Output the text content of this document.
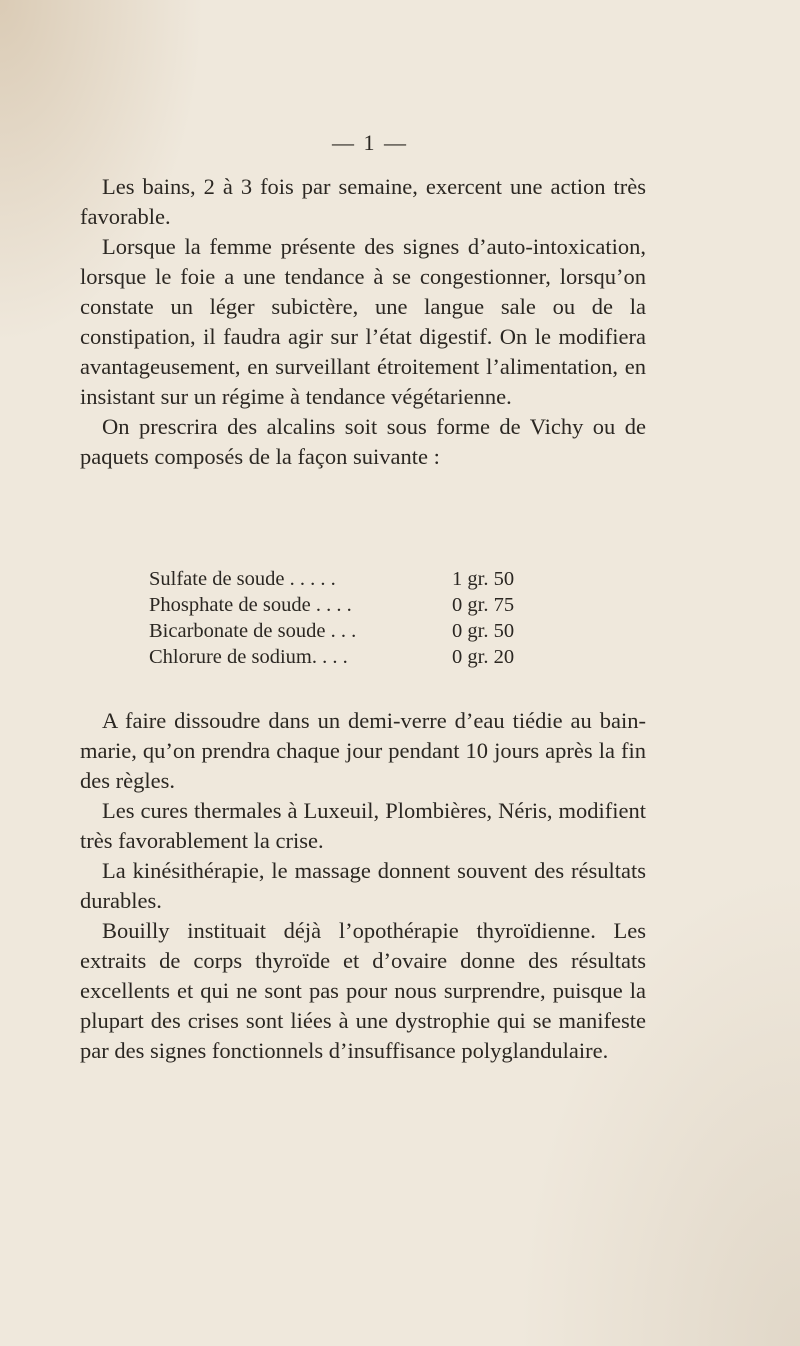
— 1 —

Les bains, 2 à 3 fois par semaine, exercent une action très favorable.

Lorsque la femme présente des signes d’auto-intoxication, lorsque le foie a une tendance à se congestionner, lorsqu’on constate un léger subictère, une langue sale ou de la constipation, il faudra agir sur l’état digestif. On le modifiera avantageusement, en surveillant étroitement l’alimentation, en insistant sur un régime à tendance végétarienne.

On prescrira des alcalins soit sous forme de Vichy ou de paquets composés de la façon suivante :

Sulfate de soude . . . . .	1 gr. 50
Phosphate de soude . . . .	0 gr. 75
Bicarbonate de soude . . .	0 gr. 50
Chlorure de sodium. . . .	0 gr. 20

A faire dissoudre dans un demi-verre d’eau tiédie au bain-marie, qu’on prendra chaque jour pendant 10 jours après la fin des règles.

Les cures thermales à Luxeuil, Plombières, Néris, modifient très favorablement la crise.

La kinésithérapie, le massage donnent souvent des résultats durables.

Bouilly instituait déjà l’opothérapie thyroïdienne. Les extraits de corps thyroïde et d’ovaire donne des résultats excellents et qui ne sont pas pour nous surprendre, puisque la plupart des crises sont liées à une dystrophie qui se manifeste par des signes fonctionnels d’insuffisance polyglandulaire.
